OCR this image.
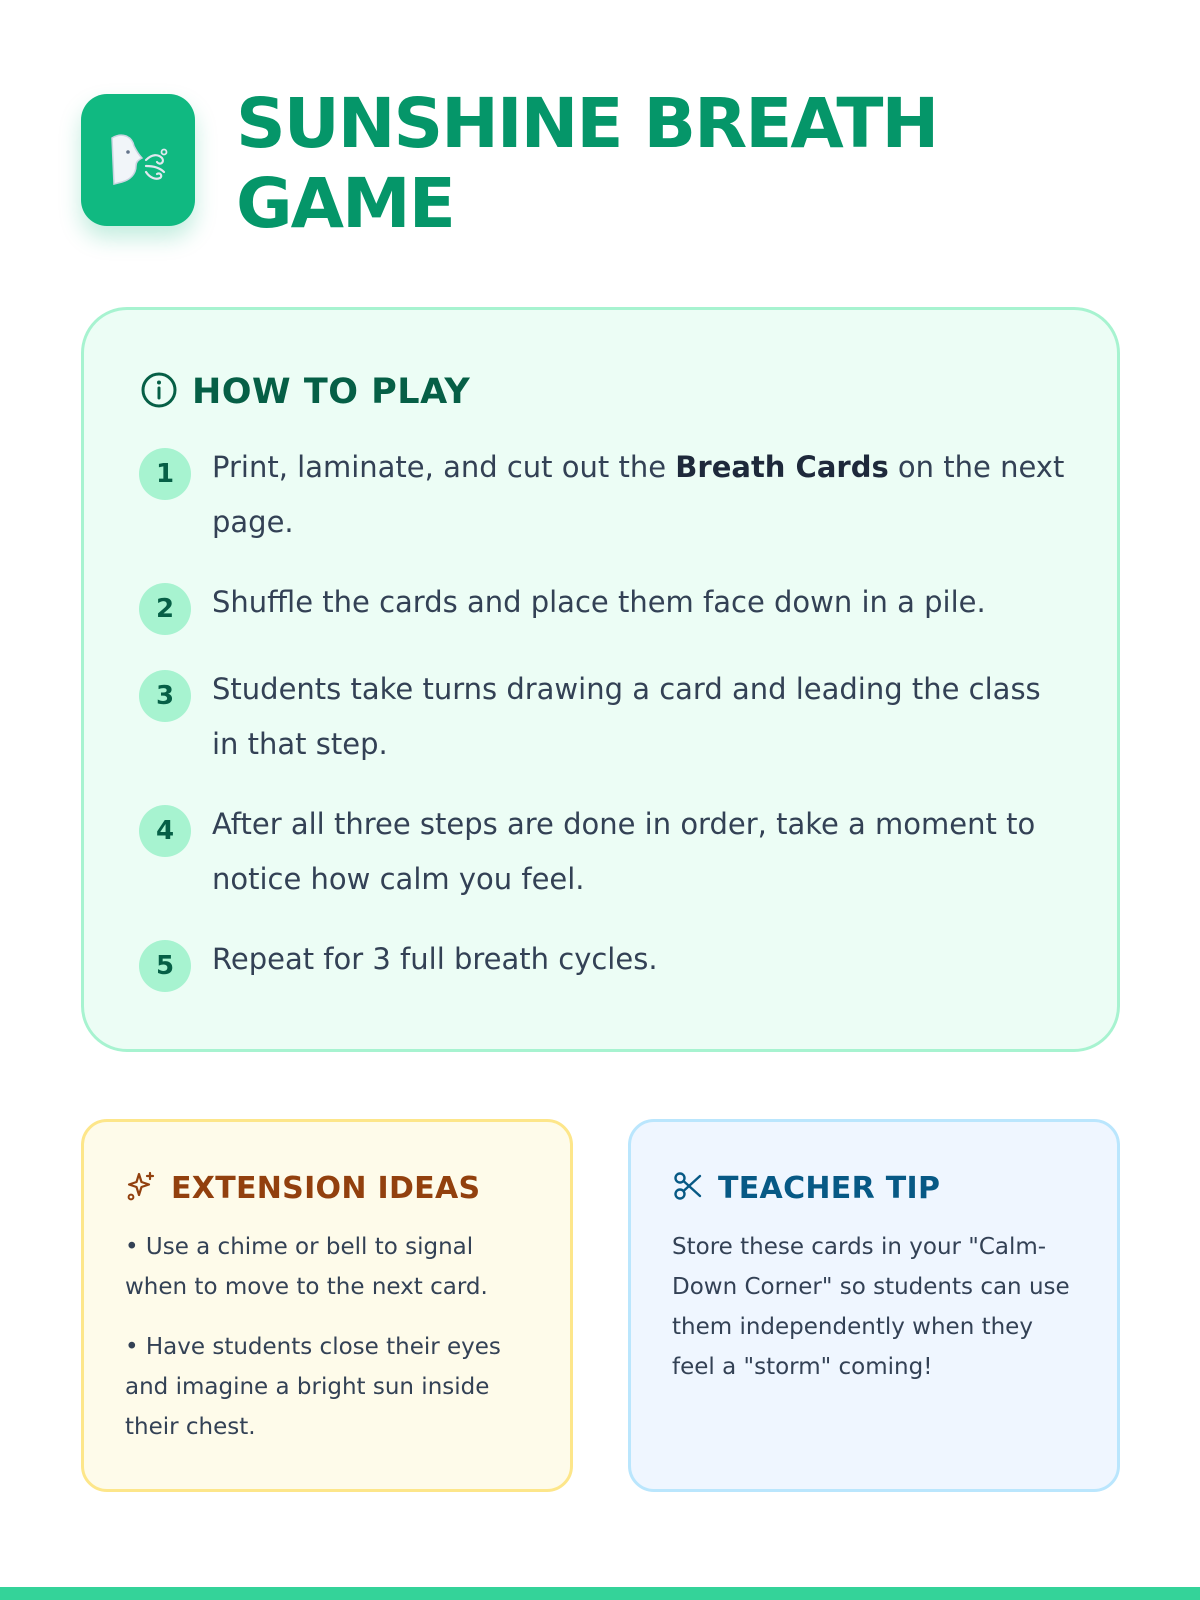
SUNSHINE BREATH GAME
HOW TO PLAY
1	Print, laminate, and cut out the Breath Cards on the next page.
2	Shuffle the cards and place them face down in a pile.
3	Students take turns drawing a card and leading the class in that step.
4	After all three steps are done in order, take a moment to notice how calm you feel.
5	Repeat for 3 full breath cycles.
EXTENSION IDEAS

• Use a chime or bell to signal when to move to the next card.

• Have students close their eyes and imagine a bright sun inside their chest.

TEACHER TIP
Store these cards in your "Calm-Down Corner" so students can use them independently when they feel a "storm" coming!
